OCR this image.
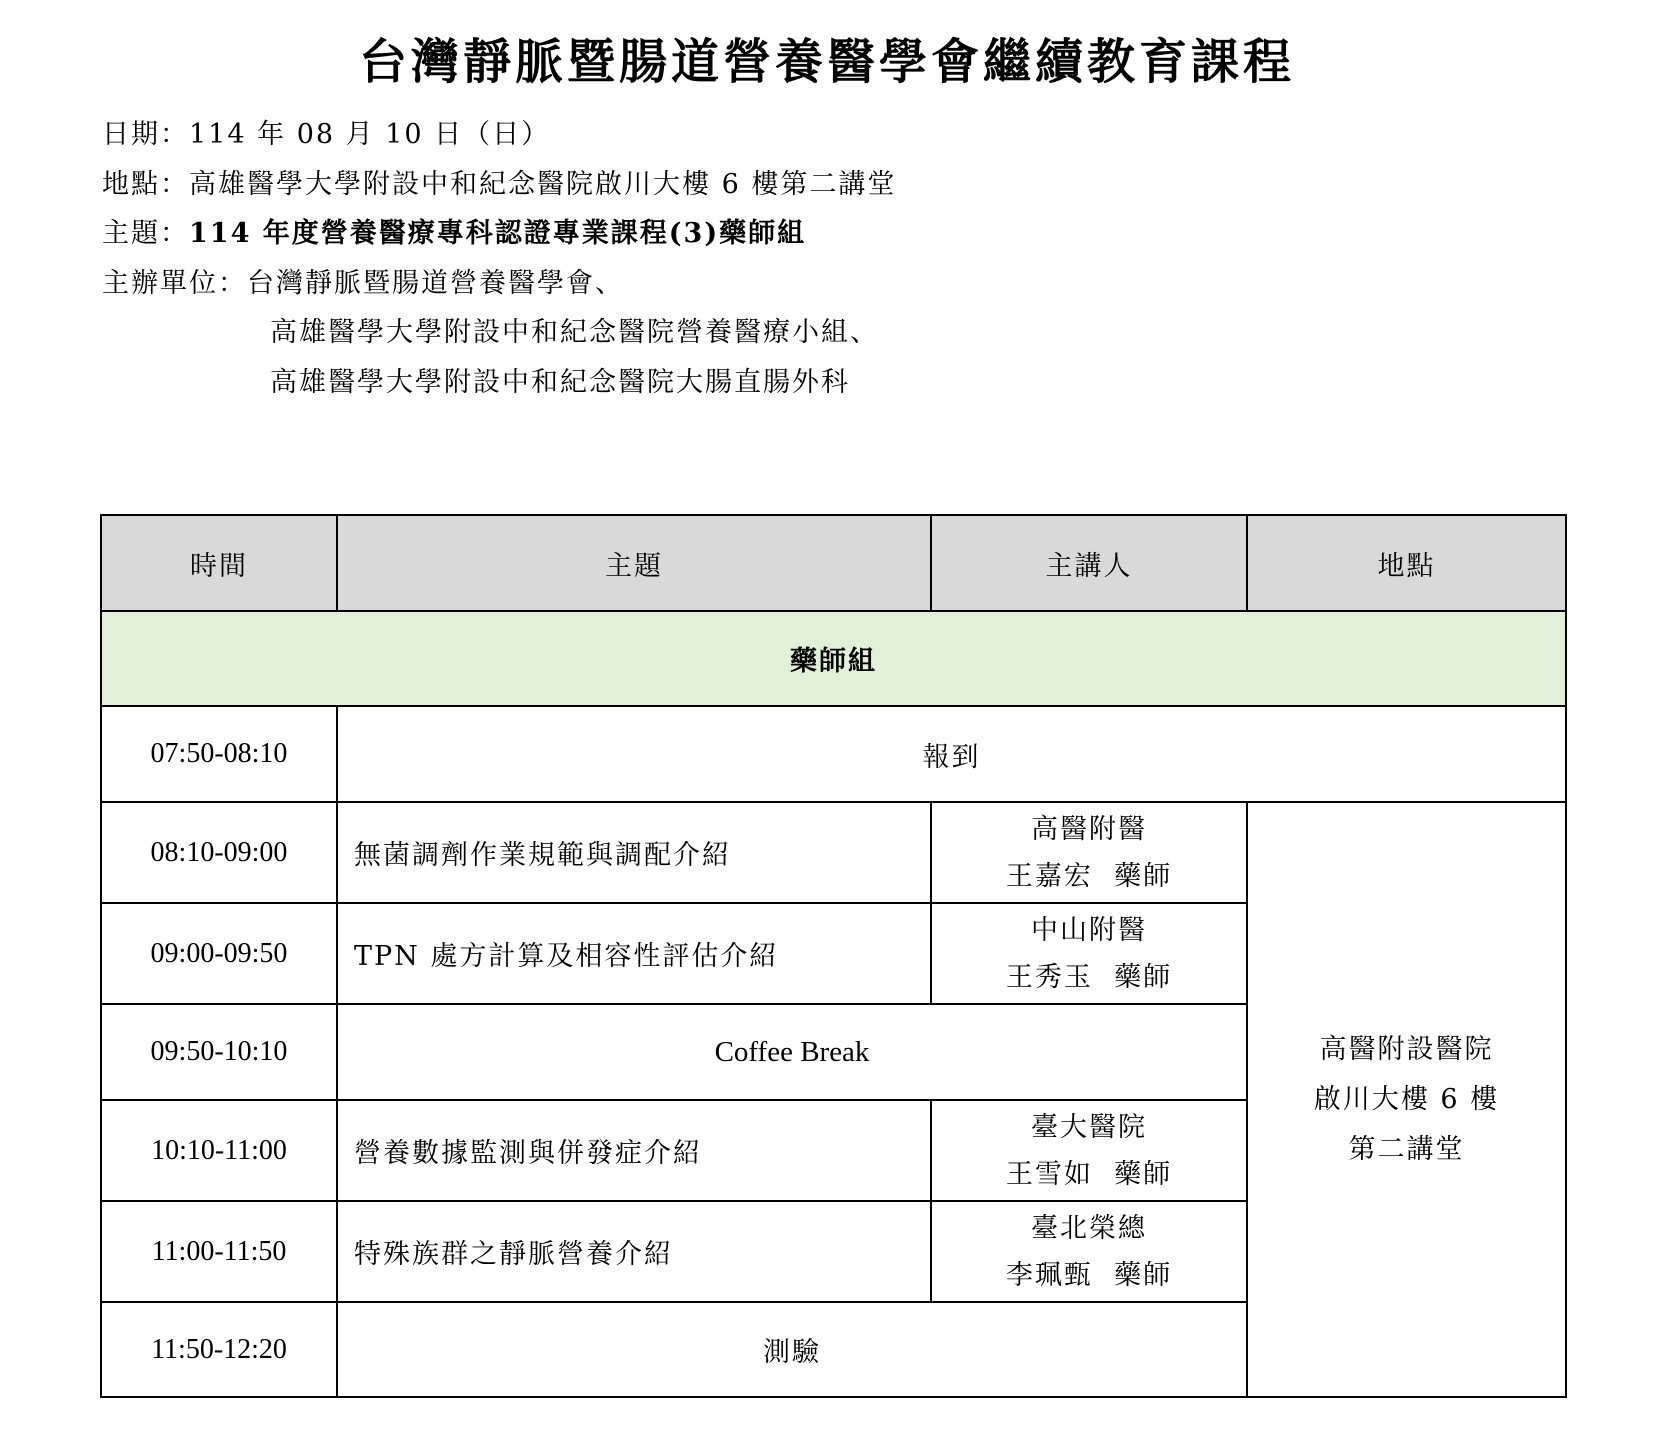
台灣靜脈暨腸道營養醫學會繼續教育課程
日期： 114 年 08 月 10 日（日）
地點： 高雄醫學大學附設中和紀念醫院啟川大樓 6 樓第二講堂
主題： 114 年度營養醫療專科認證專業課程(3)藥師組
主辦單位： 台灣靜脈暨腸道營養醫學會、
高雄醫學大學附設中和紀念醫院營養醫療小組、
高雄醫學大學附設中和紀念醫院大腸直腸外科
時間	主題	主講人	地點
藥師組			
07:50-08:10	報到		
08:10-09:00	無菌調劑作業規範與調配介紹	高醫附醫
王嘉宏  藥師	高醫附設醫院
啟川大樓 6 樓
第二講堂

09:00-09:50	TPN 處方計算及相容性評估介紹	中山附醫
王秀玉  藥師	

09:50-10:10	Coffee Break		
10:10-11:00	營養數據監測與併發症介紹	臺大醫院
王雪如  藥師	

11:00-11:50	特殊族群之靜脈營養介紹	臺北榮總
李珮甄  藥師	

11:50-12:20	測驗		
